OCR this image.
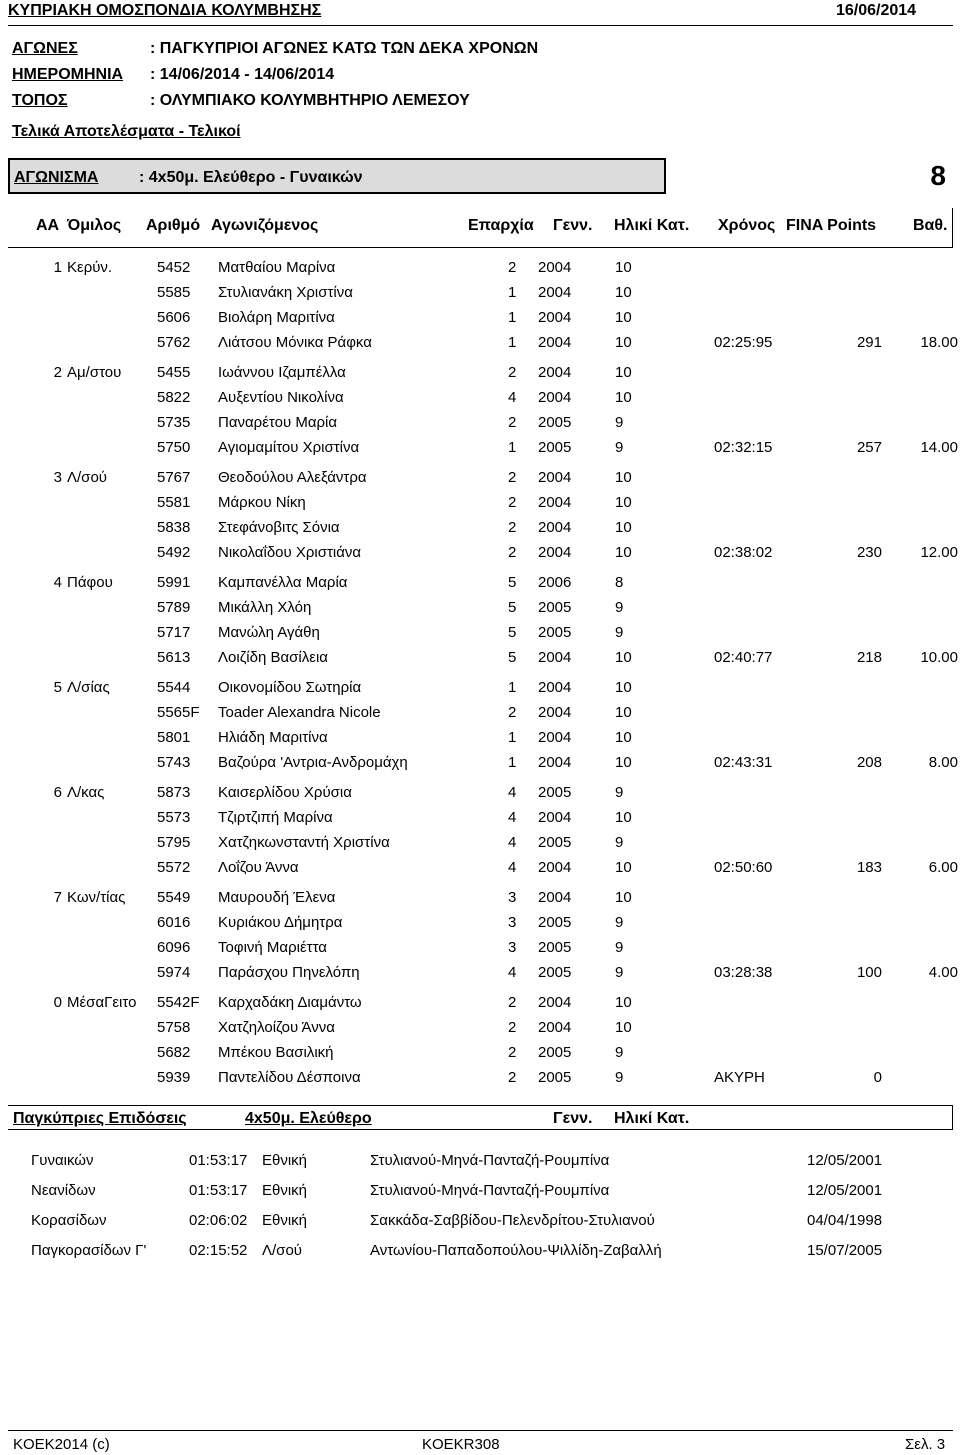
ΚΥΠΡΙΑΚΗ ΟΜΟΣΠΟΝΔΙΑ ΚΟΛΥΜΒΗΣΗΣ	16/06/2014
ΑΓΩΝΕΣ	: ΠΑΓΚΥΠΡΙΟΙ ΑΓΩΝΕΣ ΚΑΤΩ ΤΩΝ ΔΕΚΑ ΧΡΟΝΩΝ
ΗΜΕΡΟΜΗΝΙΑ : 14/06/2014 - 14/06/2014
ΤΟΠΟΣ	: ΟΛΥΜΠΙΑΚΟ ΚΟΛΥΜΒΗΤΗΡΙΟ ΛΕΜΕΣΟΥ
Τελικά Αποτελέσματα - Τελικοί
ΑΓΩΝΙΣΜΑ	: 4x50μ. Ελεύθερο - Γυναικών	8
ΑΑ Όμιλος Αριθμό Αγωνιζόμενος	Επαρχία Γενν. Ηλικί Κατ. Χρόνος FINA Points Βαθ.
1 Κερύν.	5452 Ματθαίου Μαρίνα	2 2004	10
5585 Στυλιανάκη Χριστίνα	1 2004	10
5606 Βιολάρη Μαριτίνα	1 2004	10
5762 Λιάτσου Μόνικα Ράφκα	1 2004	10	02:25:95	291	18.00
2 Αμ/στου 5455 Ιωάννου Ιζαμπέλλα	2 2004	10
5822 Αυξεντίου Νικολίνα	4 2004	10
5735 Παναρέτου Μαρία	2 2005	9
5750 Αγιομαμίτου Χριστίνα	1 2005	9	02:32:15	257	14.00
3 Λ/σού	5767 Θεοδούλου Αλεξάντρα	2 2004	10
5581 Μάρκου Νίκη	2 2004	10
5838 Στεφάνοβιτς Σόνια	2 2004	10
5492 Νικολαΐδου Χριστιάνα	2 2004	10	02:38:02	230	12.00
4 Πάφου	5991 Καμπανέλλα Μαρία	5 2006	8
5789 Μικάλλη Χλόη	5 2005	9
5717 Μανώλη Αγάθη	5 2005	9
5613 Λοιζίδη Βασίλεια	5 2004	10	02:40:77	218	10.00
5 Λ/σίας	5544 Οικονομίδου Σωτηρία	1 2004	10
5565F Toader Alexandra Nicole	2 2004	10
5801 Ηλιάδη Μαριτίνα	1 2004	10
5743 Βαζούρα 'Αντρια-Ανδρομάχη	1 2004	10	02:43:31	208	8.00
6 Λ/κας	5873 Καισερλίδου Χρύσια	4 2005	9
5573 Τζιρτζιπή Μαρίνα	4 2004	10
5795 Χατζηκωνσταντή Χριστίνα	4 2005	9
5572 Λοΐζου Άννα	4 2004	10	02:50:60	183	6.00
7 Κων/τίας 5549 Μαυρουδή Έλενα	3 2004	10
6016 Κυριάκου Δήμητρα	3 2005	9
6096 Τοφινή Μαριέττα	3 2005	9
5974 Παράσχου Πηνελόπη	4 2005	9	03:28:38	100	4.00
0 ΜέσαΓειτο 5542F Καρχαδάκη Διαμάντω	2 2004	10
5758 Χατζηλοίζου Άννα	2 2004	10
5682 Μπέκου Βασιλική	2 2005	9
5939 Παντελίδου Δέσποινα	2 2005	9	ΑΚΥΡΗ	0
Παγκύπριες Επιδόσεις	4x50μ. Ελεύθερο	Γενν. Ηλικί Κατ.
Γυναικών	01:53:17 Εθνική	Στυλιανού-Μηνά-Πανταζή-Ρουμπίνα	12/05/2001
Νεανίδων	01:53:17 Εθνική	Στυλιανού-Μηνά-Πανταζή-Ρουμπίνα	12/05/2001
Κορασίδων	02:06:02 Εθνική	Σακκάδα-Σαββίδου-Πελενδρίτου-Στυλιανού	04/04/1998
Παγκορασίδων Γ'	02:15:52 Λ/σού	Αντωνίου-Παπαδοπούλου-Ψιλλίδη-Ζαβαλλή	15/07/2005
KOEK2014 (c)	KOEKR308	Σελ. 3
